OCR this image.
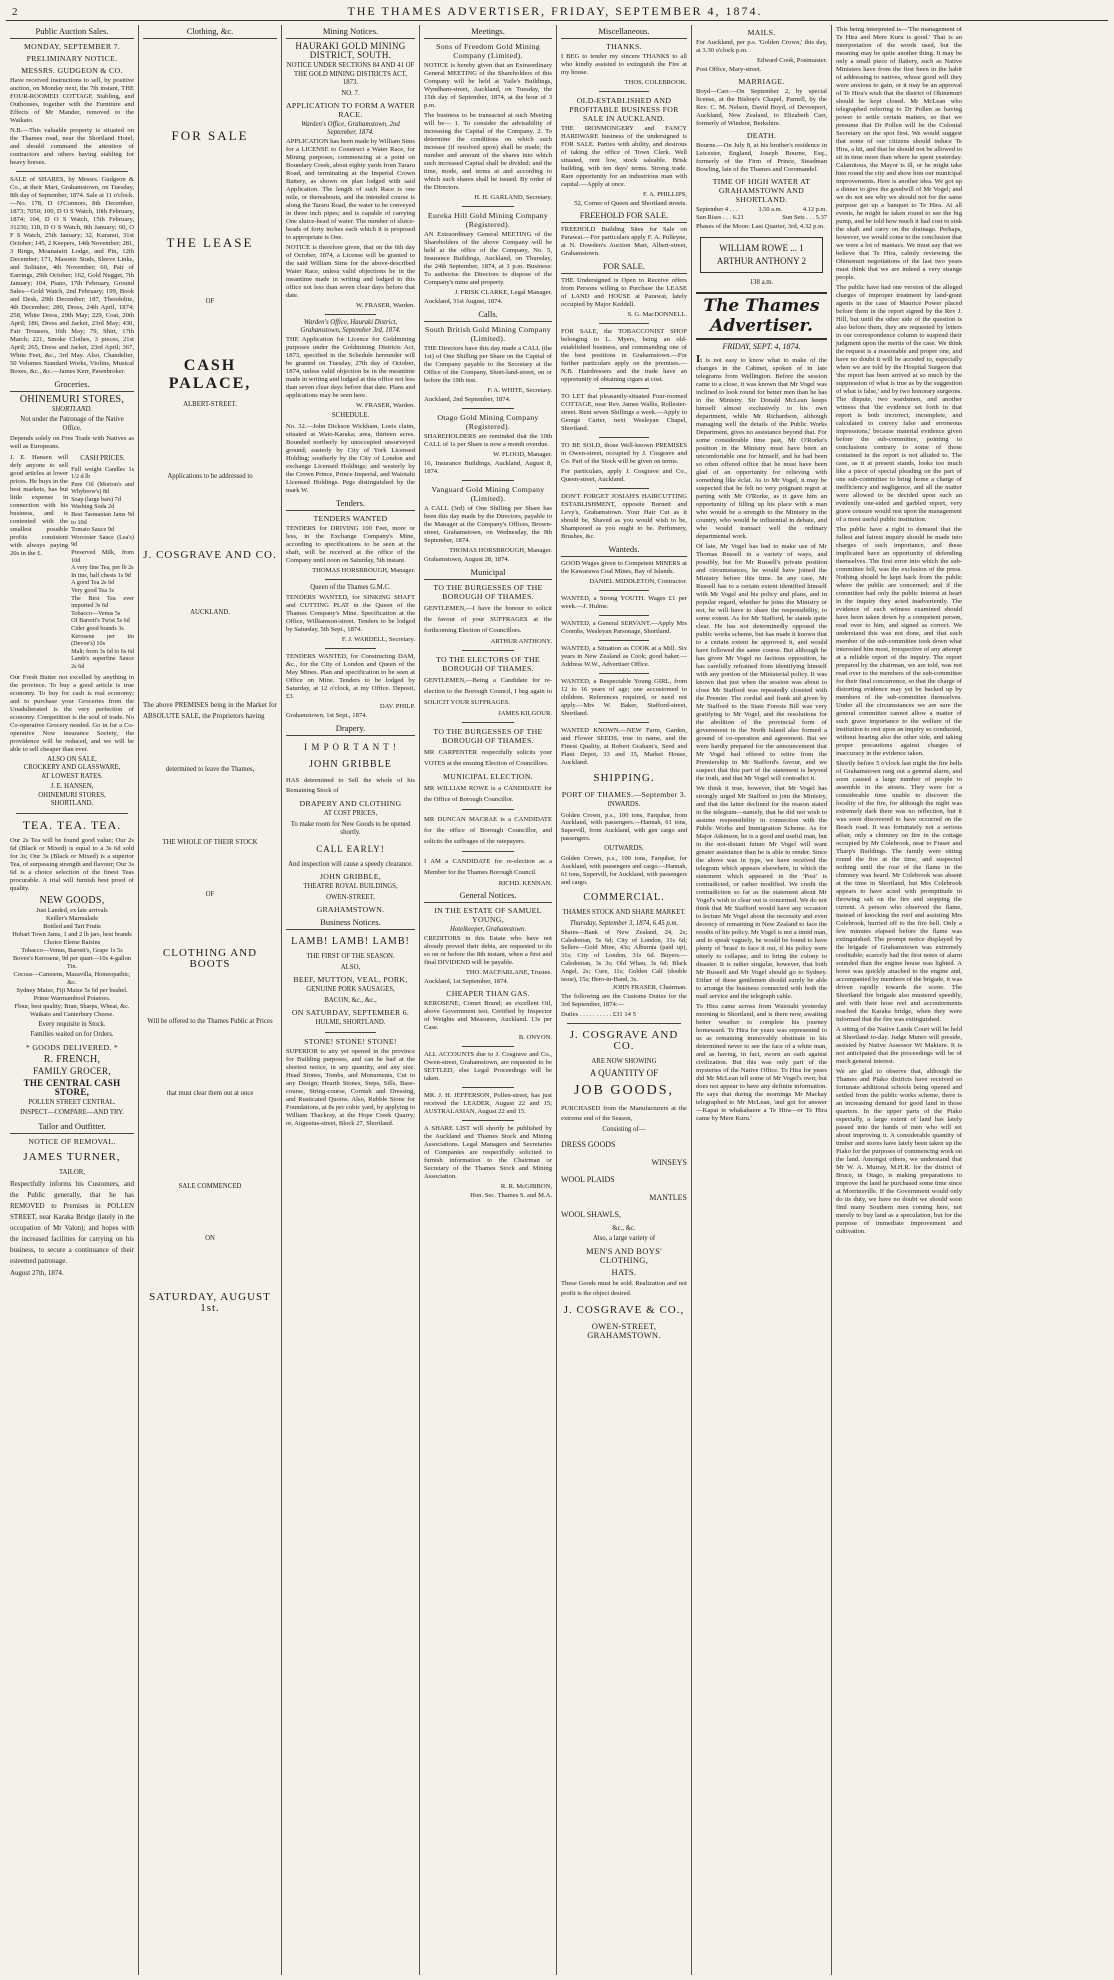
2	THE THAMES ADVERTISER, FRIDAY, SEPTEMBER 4, 1874.
Public Auction Sales.
MONDAY, SEPTEMBER 7.
PRELIMINARY NOTICE.
MESSRS. GUDGEON & CO.
Have received instructions to sell, by positive auction, on Monday next, the 7th instant, THE FOUR-ROOMED COTTAGE Stabling, and Outhouses, together with the Furniture and Effects of Mr Mander, removed to the Waikato.
N.B.—This valuable property is situated on the Thames road, near the Shortland Hotel, and should command the attention of contractors and others having stabling for heavy horses.
SALE of SHARES, by Messrs. Gudgeon & Co., at their Mart, Grahamstown, on Tuesday, 8th day of September, 1874. Sale at 11 o'clock.—No. 178, D O'Connors, 8th December, 1873; 7050; 100, D O S Watch, 10th February, 1874; 104, D O S Watch, 15th February, 31236; 118, D O S Watch, 8th January; 60, O F S Watch, 25th January; 32, Kuranui, 31st October; 145, 2 Keepers, 14th November; 281, 3 Rings, Moanatairi Lodge, and Pin, 12th December; 171, Masonic Studs, Sleeve Links, and Solitaire, 4th November; 60, Pair of Earrings, 29th October; 162, Gold Nugget, 7th January; 104, Piano, 17th February. Ground Sales—Gold Watch, 2nd February; 199, Book and Desk, 29th December; 187, Theodolite, 4th December; 280, Dress, 24th April, 1874; 258, White Dress, 29th May; 229, Coat, 20th April; 186, Dress and Jacket, 23rd May; 430, Fair Trousers, 16th May; 79, Shirt, 17th March; 221, Smoke Clothes, 3 pieces, 21st April; 265, Dress and Jacket, 23rd April; 367, White Feet, &c., 3rd May. Also, Chandelier, 50 Volumes Standard Works, Violins, Musical Boxes, &c., &c.—James Kerr, Pawnbroker.
Groceries.
OHINEMURI STORES,
SHORTLAND.
Not under the Patronage of the Native Office.
Depends solely on Free Trade with Natives as well as Europeans.
J. E. Hansen will defy anyone to sell good articles at lower prices. He buys in the best markets, has but little expense in connection with his business, and is contented with the smallest possible profits consistent with always paying 20s in the £.
CASH PRICES.
Full weight Candles 1s 1/2 d lb
Pure Oil (Morton's and Whybrow's) 8d
Soap (large bars) 7d
Washing Soda 2d
Best Tasmanian Jams 9d to 10d
Tomato Sauce 9d
Worcester Sauce (Lea's) 9d
Preserved Milk, from 10d
A very fine Tea, per lb 2s
In tins, half chests 1s 9d
A good Tea 2s 6d
Very good Tea 3s
The Best Tea ever imported 3s 6d
Tobacco—Venus 5s
Of Barrett's Twist 5s 6d
Cider good brands 3s
Kerosene per tin (Devoe's) 10s
Malt; from 3s 6d to 6s 6d
Lamb's superfine Sauce 2s 6d
Our Fresh Butter not excelled by anything in the province. To buy a good article is true economy. To buy for cash is real economy; and to purchase your Groceries from the Unadulterated is the very perfection of economy. Competition is the soul of trade. No Co-operative Grocery needed. Go in for a Co-operative Now insurance Society, the providence will be reduced, and we will be able to sell cheaper than ever.
ALSO ON SALE,
CROCKERY AND GLASSWARE,
AT LOWEST RATES.
J. E. HANSEN,
OHINEMURI STORES,
SHORTLAND.
TEA. TEA. TEA.
Our 2s Tea will be found good value; Our 2s 6d (Black or Mixed) is equal to a 3s 6d sold for 3s; Our 3s (Black or Mixed) is a superior Tea, of surpassing strength and flavour; Our 3s 6d is a choice selection of the finest Teas procurable. A trial will furnish best proof of quality.
NEW GOODS,
Just Landed, ex late arrivals
Keiller's Marmalade
Bottled and Tart Fruits
Hobart Town Jams, 1 and 2 lb jars, best brands
Choice Eleme Raisins
Tobacco—Venus, Barrett's, Grape 1s 5s
Bovee's Kerosene, 9d per quart—10s 4-gallon Tin.
Cocoas—Camoens, Mazavilla, Homeopathic, &c.
Sydney Maize, Fiji Maize 5s 6d per bushel.
Prime Warrnambool Potatoes.
Flour, best quality; Bran, Sharps, Wheat, &c.
Waikato and Canterbury Cheese.
Every requisite in Stock.
Families waited on for Orders.
* GOODS DELIVERED. *
R. FRENCH,
FAMILY GROCER,
THE CENTRAL CASH STORE,
POLLEN STREET CENTRAL.
INSPECT—COMPARE—AND TRY.
Tailor and Outfitter.
NOTICE OF REMOVAL.
JAMES TURNER,
TAILOR,
Respectfully informs his Customers, and the Public generally, that he has REMOVED to Premises in POLLEN STREET, near Karaka Bridge (lately in the occupation of Mr Valon); and hopes with the increased facilities for carrying on his business, to secure a continuance of their esteemed patronage.
August 27th, 1874.
Clothing, &c.
FOR SALE
THE LEASE
OF
CASH PALACE,
ALBERT-STREET.
Applications to be addressed to
J. COSGRAVE AND CO.
AUCKLAND.
The above PREMISES being in the Market for ABSOLUTE SALE, the Proprietors having
determined to leave the Thames,
THE WHOLE OF THEIR STOCK
OF
CLOTHING AND BOOTS
Will be offered to the Thames Public at Prices
that must clear them out at once
SALE COMMENCED
ON
SATURDAY, AUGUST 1st.
Mining Notices.
HAURAKI GOLD MINING DISTRICT, SOUTH.
NOTICE UNDER SECTIONS 84 AND 41 OF THE GOLD MINING DISTRICTS ACT, 1873.
NO. 7.
APPLICATION TO FORM A WATER RACE.
Warden's Office, Grahamstown, 2nd September, 1874.
APPLICATION has been made by William Sims for a LICENSE to Construct a Water Race, for Mining purposes, commencing at a point on Boundary Creek, about eighty yards from Tararu Road, and terminating at the Imperial Crown Battery, as shown on plan lodged with said Application. The length of such Race is one mile, or thereabouts, and the intended course is along the Tararu Road, the water to be conveyed in three inch pipes; and is capable of carrying One sluice-head of water. The number of sluice-heads of forty inches each which it is proposed to appropriate is One.
NOTICE is therefore given, that on the 6th day of October, 1874, a License will be granted to the said William Sims for the above-described Water Race, unless valid objections be in the meantime made in writing and lodged in this office not less than seven clear days before that date.
W. FRASER, Warden.
Warden's Office, Hauraki District, Grahamstown, September 3rd, 1874.
THE Application for Licence for Goldmining purposes under the Goldmining Districts Act, 1873, specified in the Schedule hereunder will be granted on Tuesday, 27th day of October, 1874, unless valid objection be in the meantime made in writing and lodged at this office not less than seven clear days before that date. Plans and applications may be seen here.
W. FRASER, Warden.
SCHEDULE.
No. 32.—John Dickson Wickham, Loeis claim, situated at Waio-Karaka; area, thirteen acres. Bounded northerly by unoccupied unsurveyed ground; easterly by City of York Licensed Holding; southerly by the City of London and exchange Licensed Holdings; and westerly by the Crown Prince, Prince Imperial, and Waiotahi Licensed Holdings. Pegs distinguished by the mark W.
Tenders.
TENDERS WANTED
TENDERS for DRIVING 100 Feet, more or less, in the Exchange Company's Mine, according to specifications to be seen at the shaft, will be received at the office of the Company until noon on Saturday, 5th instant.
THOMAS HORSBROUGH, Manager.
Queen of the Thames G.M.C.
TENDERS WANTED, for SINKING SHAFT and CUTTING PLAT in the Queen of the Thames Company's Mine. Specification at the Office, Williamson-street. Tenders to be lodged by Saturday, 5th Sept., 1874.
F. J. WARDELL, Secretary.
TENDERS WANTED, for Constructing DAM, &c., for the City of London and Queen of the May Mines. Plan and specification to be seen at Office on Mine. Tenders to be lodged by Saturday, at 12 o'clock, at my Office. Deposit, £3.
DAV. PHILP.
Grahamstown, 1st Sept., 1874.
Drapery.
I M P O R T A N T !
JOHN GRIBBLE
HAS determined to Sell the whole of his Remaining Stock of
DRAPERY AND CLOTHING
AT COST PRICES,
To make room for New Goods to be opened shortly.
CALL EARLY!
And inspection will cause a speedy clearance.
JOHN GRIBBLE,
THEATRE ROYAL BUILDINGS,
OWEN-STREET,
GRAHAMSTOWN.
Business Notices.
LAMB! LAMB! LAMB!
THE FIRST OF THE SEASON.
ALSO,
BEEF, MUTTON, VEAL, PORK,
GENUINE PORK SAUSAGES,
BACON, &c., &c.,
ON SATURDAY, SEPTEMBER 6.
HULME, SHORTLAND.
STONE! STONE! STONE!
SUPERIOR to any yet opened in the province for Building purposes, and can be had at the shortest notice, in any quantity, and any size. Head Stones, Tombs, and Monuments, Cut to any Design; Hearth Stones, Steps, Sills, Base-course, String-course, Cornish and Dressing, and Rusticated Quoins. Also, Rubble Stone for Foundations, at 8s per cubic yard, by applying to William Thackray, at the Hope Creek Quarry; or, Augustus-street, Block 27, Shortland.
Meetings.
Sons of Freedom Gold Mining Company (Limited).
NOTICE is hereby given that an Extraordinary General MEETING of the Shareholders of this Company will be held at Vaile's Buildings, Wyndham-street, Auckland, on Tuesday, the 15th day of September, 1874, at the hour of 3 p.m.
The business to be transacted at such Meeting will be— 1. To consider the advisability of increasing the Capital of the Company. 2. To determine the conditions on which such increase (if resolved upon) shall be made; the number and amount of the shares into which such increased Capital shall be divided; and the time, mode, and terms at and according to which such shares shall be issued. By order of the Directors.
H. H. GARLAND, Secretary.
Eureka Hill Gold Mining Company (Registered).
AN Extraordinary General MEETING of the Shareholders of the above Company will be held at the office of the Company, No. 5, Insurance Buildings, Auckland, on Thursday, the 24th September, 1874, at 3 p.m. Business: To authorise the Directors to dispose of the Company's mine and property.
J. FRISK CLARKE, Legal Manager.
Auckland, 31st August, 1874.
Calls.
South British Gold Mining Company (Limited).
THE Directors have this day made a CALL (the 1st) of One Shilling per Share on the Capital of the Company payable to the Secretary at the Office of the Company, Short-land-street, on or before the 19th inst.
F. A. WHITE, Secretary.
Auckland, 2nd September, 1874.
Otago Gold Mining Company (Registered).
SHAREHOLDERS are reminded that the 10th CALL of 1s per Share is now a month overdue.
W. FLOOD, Manager.
16, Insurance Buildings, Auckland, August 8, 1874.
Vanguard Gold Mining Company (Limited).
A CALL (3rd) of One Shilling per Share has been this day made by the Directors, payable to the Manager at the Company's Offices, Brown-street, Grahamstown, on Wednesday, the 9th September, 1874.
THOMAS HORSBROUGH, Manager.
Grahamstown, August 28, 1874.
Municipal
TO THE BURGESSES OF THE BOROUGH OF THAMES.
GENTLEMEN,—I have the honour to solicit the favour of your SUFFRAGES at the forthcoming Election of Councillors.
ARTHUR ANTHONY.
TO THE ELECTORS OF THE BOROUGH OF THAMES.
GENTLEMEN,—Being a Candidate for re-election to the Borough Council, I beg again to SOLICIT YOUR SUFFRAGES.
JAMES KILGOUR.
TO THE BURGESSES OF THE BOROUGH OF THAMES.
MR CARPENTER respectfully solicits your VOTES at the ensuing Election of Councillors.
MUNICIPAL ELECTION.
MR WILLIAM ROWE is a CANDIDATE for the Office of Borough Councillor.
MR DUNCAN MACRAE is a CANDIDATE for the office of Borough Councillor, and solicits the suffrages of the ratepayers.
I AM a CANDIDATE for re-election as a Member for the Thames Borough Council.
RICHD. KENNAN.
General Notices.
IN THE ESTATE OF SAMUEL YOUNG,
Hotelkeeper, Grahamstown.
CREDITORS in this Estate who have not already proved their debts, are requested to do so on or before the 8th instant, when a first and final DIVIDEND will be payable.
THO. MACFARLANE, Trustee.
Auckland, 1st September, 1874.
CHEAPER THAN GAS.
KEROSENE, Comet Brand; an excellent Oil, above Government test. Certified by Inspector of Weights and Measures, Auckland. 13s per Case.
B. ONYON.
ALL ACCOUNTS due to J. Cosgrave and Co., Owen-street, Grahamstown, are requested to be SETTLED, else Legal Proceedings will be taken.
MR. J. H. JEFFERSON, Pollen-street, has just received the LEADER, August 22 and 15; AUSTRALASIAN, August 22 and 15.
A SHARE LIST will shortly be published by the Auckland and Thames Stock and Mining Associations. Legal Managers and Secretaries of Companies are respectfully solicited to furnish information to the Chairman or Secretary of the Thames Stock and Mining Association.
R. R. McGIBBON,
Hon. Sec. Thames S. and M.A.
Miscellaneous.
THANKS.
I BEG to tender my sincere THANKS to all who kindly assisted to extinguish the Fire at my house.
THOS. COLEBROOK.
OLD-ESTABLISHED AND PROFITABLE BUSINESS FOR SALE IN AUCKLAND.
THE IRONMONGERY and FANCY HARDWARE business of the undersigned is FOR SALE. Parties with ability, and desirous of taking the office of Town Clerk. Well situated, rent low, stock saleable. Brisk building, with ten days' terms. Strong trade. Rare opportunity for an industrious man with capital.—Apply at once.
F. A. PHILLIPS,
52, Corner of Queen and Shortland streets.
FREEHOLD FOR SALE.
FREEHOLD Building Sites for Sale on Parawai.—For particulars apply F. A. Pulleyne, at N. Dowden's Auction Mart, Albert-street, Grahamstown.
FOR SALE.
THE Undersigned is Open to Receive offers from Persons willing to Purchase the LEASE of LAND and HOUSE at Parawai, lately occupied by Major Keddell.
S. G. MacDONNELL.
FOR SALE, the TOBACCONIST SHOP belonging to L. Myers, being an old-established business, and commanding one of the best positions in Grahamstown.—For further particulars apply on the premises.—N.B. Hairdressers and the trade have an opportunity of obtaining cigars at cost.
TO LET that pleasantly-situated Four-roomed COTTAGE, near Rev. James Wallis, Rollester-street. Rent seven Shillings a week.—Apply to George Carter, next Wesleyan Chapel, Shortland.
TO BE SOLD, those Well-known PREMISES in Owen-street, occupied by J. Cosgrave and Co. Part of the Stock will be given on terms.
For particulars, apply J. Cosgrave and Co., Queen-street, Auckland.
DON'T FORGET JOSIAH'S HAIRCUTTING ESTABLISHMENT, opposite Burnett and Levy's, Grahamstown. Your Hair Cut as it should be, Shaved as you would wish to be, Shampooed as you ought to be. Perfumery, Brushes, &c.
Wanteds.
GOOD Wages given to Competent MINERS at the Kawarawa Coal Mines, Bay of Islands.
DANIEL MIDDLETON, Contractor.
WANTED, a Strong YOUTH. Wages £1 per week.—J. Hulme.
WANTED, a General SERVANT.—Apply Mrs Coombs, Wesleyan Parsonage, Shortland.
WANTED, a Situation as COOK at a Mill. Six years in New Zealand as Cook; good baker.—Address W.W., Advertiser Office.
WANTED, a Respectable Young GIRL, from 12 to 16 years of age; one accustomed to children. References required, or need not apply.—Mrs W. Baker, Stafford-street, Shortland.
WANTED KNOWN.—NEW Farm, Garden, and Flower SEEDS, true to name, and the Finest Quality, at Robert Graham's, Seed and Plant Depot, 33 and 35, Market House, Auckland.
SHIPPING.
PORT OF THAMES.—September 3.
INWARDS.
Golden Crown, p.s., 100 tons, Farquhar, from Auckland, with passengers.—Hannah, 61 tons, Supervill, from Auckland, with gen cargo and passengers.
OUTWARDS.
Golden Crown, p.s., 100 tons, Farquhar, for Auckland, with passengers and cargo.—Hannah, 61 tons, Supervill, for Auckland, with passengers and cargo.
COMMERCIAL.
THAMES STOCK AND SHARE MARKET.
Thursday, September 3, 1874, 6.45 p.m.
Shares—Bank of New Zealand, 24, 2s; Caledonian, 5s 6d; City of London, 31s 6d; Sellers—Gold Mine, 43s; Alburnia (paid up), 31s; City of London, 31s 6d. Buyers.—Caledonian, 3s 3s; Old Whau, 3s 6d; Black Angel, 2s; Cure, 11s; Golden Calf (double issue), 15s; Hero-in-Hand, 3s.
JOHN FRASER, Chairman.
The following are the Customs Duties for the 3rd September, 1874:—
Duties . . . . . . . . . . £31 14 5
J. COSGRAVE AND CO.
ARE NOW SHOWING
A QUANTITY OF
JOB GOODS,
PURCHASED from the Manufacturers at the extreme end of the Season,
Consisting of—
DRESS GOODS
WINSEYS
WOOL PLAIDS
MANTLES
WOOL SHAWLS,
&c., &c.
Also, a large variety of
MEN'S AND BOYS' CLOTHING,
HATS.
These Goods must be sold. Realization and not profit is the object desired.
J. COSGRAVE & CO.,
OWEN-STREET, GRAHAMSTOWN.
MAILS.
For Auckland, per p.s. 'Golden Crown,' this day, at 3.30 o'clock p.m.
Edward Cook, Postmaster.
Post Office, Mary-street.
MARRIAGE.
Boyd—Carr.—On September 2, by special license, at the Bishop's Chapel, Parnell, by the Rev. C. M. Nelson, David Boyd, of Devonport, Auckland, New Zealand, to Elizabeth Carr, formerly of Windsor, Berkshire.
DEATH.
Bourne.—On July 8, at his brother's residence in Leicester, England, Joseph Bourne, Esq., formerly of the Firm of Prince, Steadman Bowling, late of the Thames and Coromandel.
TIME OF HIGH WATER AT GRAHAMSTOWN AND SHORTLAND.
September 4 . . .	3.50 a.m.	4.12 p.m.
Sun Rises . . . 6.21	Sun Sets . . . 5.37
Phases of the Moon: Last Quarter, 3rd, 4.32 p.m.
WILLIAM ROWE ... 1
ARTHUR ANTHONY 2
138 a.m.
The Thames Advertiser.
FRIDAY, SEPT. 4, 1874.
It is not easy to know what to make of the changes in the Cabinet, spoken of in late telegrams from Wellington. Before the session came to a close, it was known that Mr Vogel was inclined to look round for better men than he has in the Ministry. Sir Donald McLean keeps himself almost exclusively to his own department, while Mr Richardson, although managing well the details of the Public Works Department, gives no assistance beyond that. For some considerable time past, Mr O'Rorke's position in the Ministry must have been an uncomfortable one for himself, and he had been so often offered office that he must have been glad of an opportunity for relieving with something like éclat. As to Mr Vogel, it may be suspected that he felt no very poignant regret at parting with Mr O'Rorke, as it gave him an opportunity of filling up his place with a man who would be a strength to the Ministry in the country, who would be influential in debate, and who would transact well the ordinary departmental work.
Of late, Mr Vogel has had to make use of Mr Thomas Russell in a variety of ways, and possibly, but for Mr Russell's private position and circumstances, he would have joined the Ministry before this time. In any case, Mr Russell has to a certain extent identified himself with Mr Vogel and his policy and plans, and in popular regard, whether he joins the Ministry or not, he will have to share the responsibility, to some extent. As for Mr Stafford, he stands quite clear. He has not determinedly opposed the public works scheme, but has made it known that to a certain extent he approved it, and would have followed the same course. But although he has given Mr Vogel no factious opposition, he has carefully refrained from identifying himself with any portion of the Ministerial policy. It was known that just when the session was about to close Mr Stafford was repeatedly closeted with the Premier. The cordial and frank aid given by Mr Stafford to the State Forests Bill was very gratifying to Mr Vogel, and the resolutions for the abolition of the provincial form of government in the North Island also formed a ground of co-operation and agreement. But we were hardly prepared for the announcement that Mr Vogel had offered to retire from the Premiership in Mr Stafford's favour, and we suspect that this part of the statement is beyond the truth, and that Mr Vogel will contradict it.
We think it true, however, that Mr Vogel has strongly urged Mr Stafford to join the Ministry, and that the latter declined for the reason stated in the telegram—namely, that he did not wish to assume responsibility in connection with the Public Works and Immigration Scheme. As for Major Atkinson, he is a good and useful man, but in the not-distant future Mr Vogel will want greater assistance than he is able to render. Since the above was in type, we have received the telegram which appears elsewhere, in which the statement which appeared in the 'Post' is contradicted, or rather modified. We credit the contradiction so far as the statement about Mr Vogel's wish to clear out is concerned. We do not think that Mr Stafford would have any occasion to lecture Mr Vogel about the necessity and even decency of remaining in New Zealand to face the results of his policy. Mr Vogel is not a timid man, and to speak vaguely, he would be found to have plenty of 'brass' to face it out, if his policy were utterly to collapse, and to bring the colony to disaster. It is rather singular, however, that both Mr Russell and Mr Vogel should go to Sydney. Either of these gentlemen should surely be able to arrange the business connected with both the mail service and the telegraph cable.
To Hira came across from Waiotahi yesterday morning to Shortland, and is there now, awaiting better weather to complete his journey homeward. Te Hira for years was represented to us as remaining immovably obstinate in his determined never to see the face of a white man, and as having, in fact, sworn an oath against civilization. But this was only part of the mysteries of the Native Office. To Hira for years did Mr McLean tell some of Mr Vogel's own; but does not appear to have any definite information. He says that during the mornings Mr Mackay telegraphed to Mr McLean, 'and got for answer—Kapai te whakahaere a Te Hira—or Te Hira came by Mere Kuru.'
This being interpreted is—'The management of Te Hira and Mere Kuru is good.' That is an interpretation of the words used, but the meaning may be quite another thing. It may be only a small piece of flattery, such as Native Ministers have from the first been in the habit of addressing to natives, whose good will they were anxious to gain, or it may be an approval of Te Hira's wish that the district of Ohinemuri should be kept closed. Mr McLean who telegraphed referring to Dr Pollen as having power to settle certain matters, so that we presume that Dr Pollen will be the Colonial Secretary on the spot first. We would suggest that some of our citizens should induce Te Hira, a hit, and that he should not be allowed to sit in time more than where he spent yesterday. Calamitous, the Mayor is ill, or he might take him round the city and show him our municipal improvements. Here is another idea. We got up a dinner to give the goodwill of Mr Vogel; and we do not see why we should not for the same purpose get up a banquet to Te Hira. At all events, he might be taken round to see the big pump, and be told how much it had cost to sink the shaft and carry on the drainage. Perhaps, however, we would come to the conclusion that we were a lot of maniacs. We must say that we believe that Te Hira, calmly reviewing the Ohinemuri negotiations of the last two years must think that we are indeed a very strange people.
The public have had one version of the alleged charges of improper treatment by land-grant agents in the case of Maurice Power placed before them in the report signed by the Rev J. Hill, but until the other side of the question is also before them, they are requested by letters in our correspondence column to suspend their judgment upon the merits of the case. We think the request is a reasonable and proper one, and have no doubt it will be acceded to, especially when we are told by the Hospital Surgeon that 'the report has been arrived at so much by the suppression of what is true as by the suggestion of what is false,' and by two honorary surgeons. The dispute, two wardsmen, and another witness that 'the evidence set forth in that report is both incorrect, incomplete, and calculated to convey false and erroneous impressions,' because material evidence given before the sub-committee, pointing to conclusions contrary to some of those contained in the report is not alluded to. The case, as it at present stands, looks too much like a piece of special pleading on the part of one sub-committee to bring home a charge of inefficiency and negligence, and all the matter were allowed to be decided upon such an evidently one-sided and garbled report, very grave censure would rest upon the management of a most useful public institution.
The public have a right to demand that the fullest and fairest inquiry should be made into charges of such importance, and these implicated have an opportunity of defending themselves. The first error into which the sub-committee fell, was the exclusion of the press. Nothing should be kept back from the public where the public are concerned; and if the committee had only the public interest at heart in the inquiry they acted inadvertently. The evidence of each witness examined should have been taken down by a competent person, read over to him, and signed as correct. We understand this was not done, and that each member of the sub-committee took down what interested him most, irrespective of any attempt at a reliable report of the inquiry. The report prepared by the chairman, we are told, was not read over to the members of the sub-committee for their final concurrence, so that the charge of distorting evidence may yet be backed up by members of the sub-committee themselves. Under all the circumstances we are sure the general committee cannot allow a matter of such grave importance to the welfare of the institution to rest upon an inquiry so conducted, without hearing also the other side, and taking proper precautions against charges of inaccuracy in the evidence taken.
Shortly before 5 o'clock last night the fire bells of Grahamstown rang out a general alarm, and soon caused a large number of people to assemble in the streets. They were for a considerable time unable to discover the locality of the fire, for although the night was extremely dark there was no reflection, but it was soon discovered to have occurred on the Beach road. It was fortunately not a serious affair, only a chimney on fire in the cottage occupied by Mr Colebrook, near to Fraser and Tharp's Buildings. The family were sitting round the fire at the time, and suspected nothing until the roar of the flame in the chimney was heard. Mr Colebrook was absent at the time in Shortland, but Mrs Colebrook appears to have acted with promptitude in throwing salt on the fire and stopping the current. A person who observed the flame, instead of knocking the roof and assisting Mrs Colebrook, hurried off to the fire bell. Only a few minutes elapsed before the flame was extinguished. The prompt notice displayed by the brigade of Grahamstown was extremely creditable; scarcely had the first notes of alarm sounded than the engine house was lighted. A horse was quickly attached to the engine and, accompanied by members of the brigade, it was driven rapidly towards the scene. The Shortland fire brigade also mustered speedily, and with their hose reel and accoutrements reached the Karaka bridge, when they were informed that the fire was extinguished.
A sitting of the Native Lands Court will be held at Shortland to-day. Judge Munro will preside, assisted by Native Assessor Wi Makiere. It is not anticipated that the proceedings will be of much general interest.
We are glad to observe that, although the Thames and Piako districts have received so fortunate additional schools being opened and settled from the public works scheme, there is an increasing demand for good land in those quarters. In the upper parts of the Piako especially, a large extent of land has lately passed into the hands of men who will set about improving it. A considerable quantity of timber and stores have lately been taken up the Piako for the purposes of commencing work on the land. Amongst others, we understand that Mr W. A. Murray, M.H.R. for the district of Bruce, in Otago, is making preparations to improve the land he purchased some time since at Morrinsville. If the Government would only do its duty, we have no doubt we should soon find many Southern men coming here, not merely to buy land as a speculation, but for the purpose of immediate improvement and cultivation.
